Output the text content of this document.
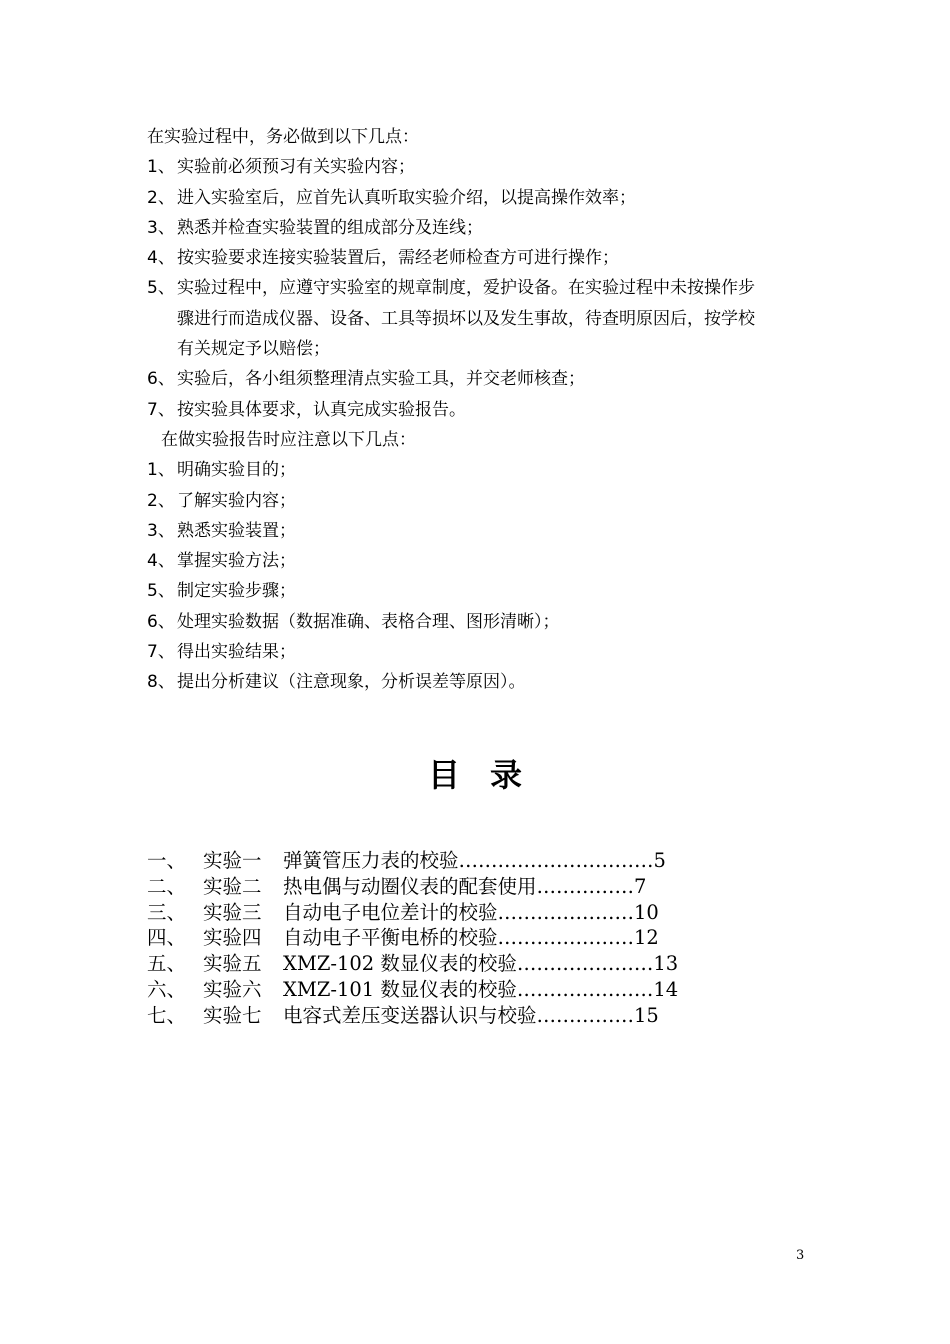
在实验过程中，务必做到以下几点：
1、 实验前必须预习有关实验内容；
2、 进入实验室后，应首先认真听取实验介绍，以提高操作效率；
3、 熟悉并检查实验装置的组成部分及连线；
4、 按实验要求连接实验装置后，需经老师检查方可进行操作；
5、 实验过程中，应遵守实验室的规章制度，爱护设备。在实验过程中未按操作步
骤进行而造成仪器、设备、工具等损坏以及发生事故，待查明原因后，按学校
有关规定予以赔偿；
6、 实验后，各小组须整理清点实验工具，并交老师核查；
7、 按实验具体要求，认真完成实验报告。
在做实验报告时应注意以下几点：
1、 明确实验目的；
2、 了解实验内容；
3、 熟悉实验装置；
4、 掌握实验方法；
5、 制定实验步骤；
6、 处理实验数据（数据准确、表格合理、图形清晰）；
7、 得出实验结果；
8、 提出分析建议（注意现象，分析误差等原因）。
目录
一、 实验一 弹簧管压力表的校验…………………………5
二、 实验二 热电偶与动圈仪表的配套使用……………7
三、 实验三 自动电子电位差计的校验…………………10
四、 实验四 自动电子平衡电桥的校验…………………12
五、 实验五 XMZ-102 数显仪表的校验…………………13
六、 实验六 XMZ-101 数显仪表的校验…………………14
七、 实验七 电容式差压变送器认识与校验……………15
3
